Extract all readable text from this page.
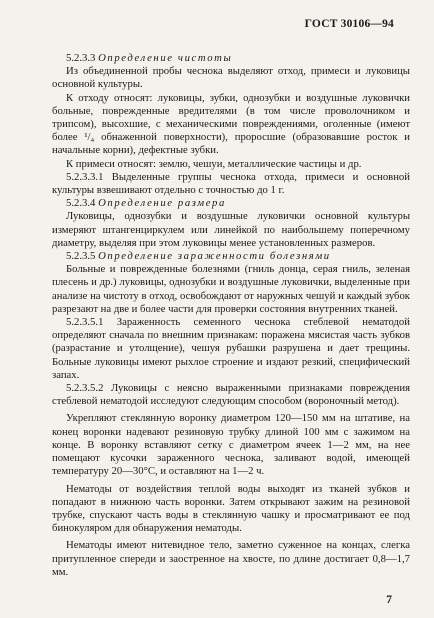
ГОСТ 30106—94

5.2.3.3 Определение чистоты

Из объединенной пробы чеснока выделяют отход, примеси и луковицы основной культуры.

К отходу относят: луковицы, зубки, однозубки и воздушные луковички больные, поврежденные вредителями (в том числе проволочником и трипсом), высохшие, с механическими повреждениями, оголенные (имеют более ¹/₄ обнаженной поверхности), проросшие (образовавшие росток и начальные корни), дефектные зубки.

К примеси относят: землю, чешуи, металлические частицы и др.

5.2.3.3.1 Выделенные группы чеснока отхода, примеси и основной культуры взвешивают отдельно с точностью до 1 г.

5.2.3.4 Определение размера

Луковицы, однозубки и воздушные луковички основной культуры измеряют штангенциркулем или линейкой по наибольшему поперечному диаметру, выделяя при этом луковицы менее установленных размеров.

5.2.3.5 Определение зараженности болезнями

Больные и поврежденные болезнями (гниль донца, серая гниль, зеленая плесень и др.) луковицы, однозубки и воздушные луковички, выделенные при анализе на чистоту в отход, освобождают от наружных чешуй и каждый зубок разрезают на две и более части для проверки состояния внутренних тканей.

5.2.3.5.1 Зараженность семенного чеснока стеблевой нематодой определяют сначала по внешним признакам: поражена мясистая часть зубков (разрастание и утолщение), чешуя рубашки разрушена и дает трещины. Больные луковицы имеют рыхлое строение и издают резкий, специфический запах.

5.2.3.5.2 Луковицы с неясно выраженными признаками повреждения стеблевой нематодой исследуют следующим способом (вороночный метод).

Укрепляют стеклянную воронку диаметром 120—150 мм на штативе, на конец воронки надевают резиновую трубку длиной 100 мм с зажимом на конце. В воронку вставляют сетку с диаметром ячеек 1—2 мм, на нее помещают кусочки зараженного чеснока, заливают водой, имеющей температуру 20—30°С, и оставляют на 1—2 ч.

Нематоды от воздействия теплой воды выходят из тканей зубков и попадают в нижнюю часть воронки. Затем открывают зажим на резиновой трубке, спускают часть воды в стеклянную чашку и просматривают ее под бинокуляром для обнаружения нематоды.

Нематоды имеют нитевидное тело, заметно суженное на концах, слегка притупленное спереди и заостренное на хвосте, по длине достигает 0,8—1,7 мм.

7
